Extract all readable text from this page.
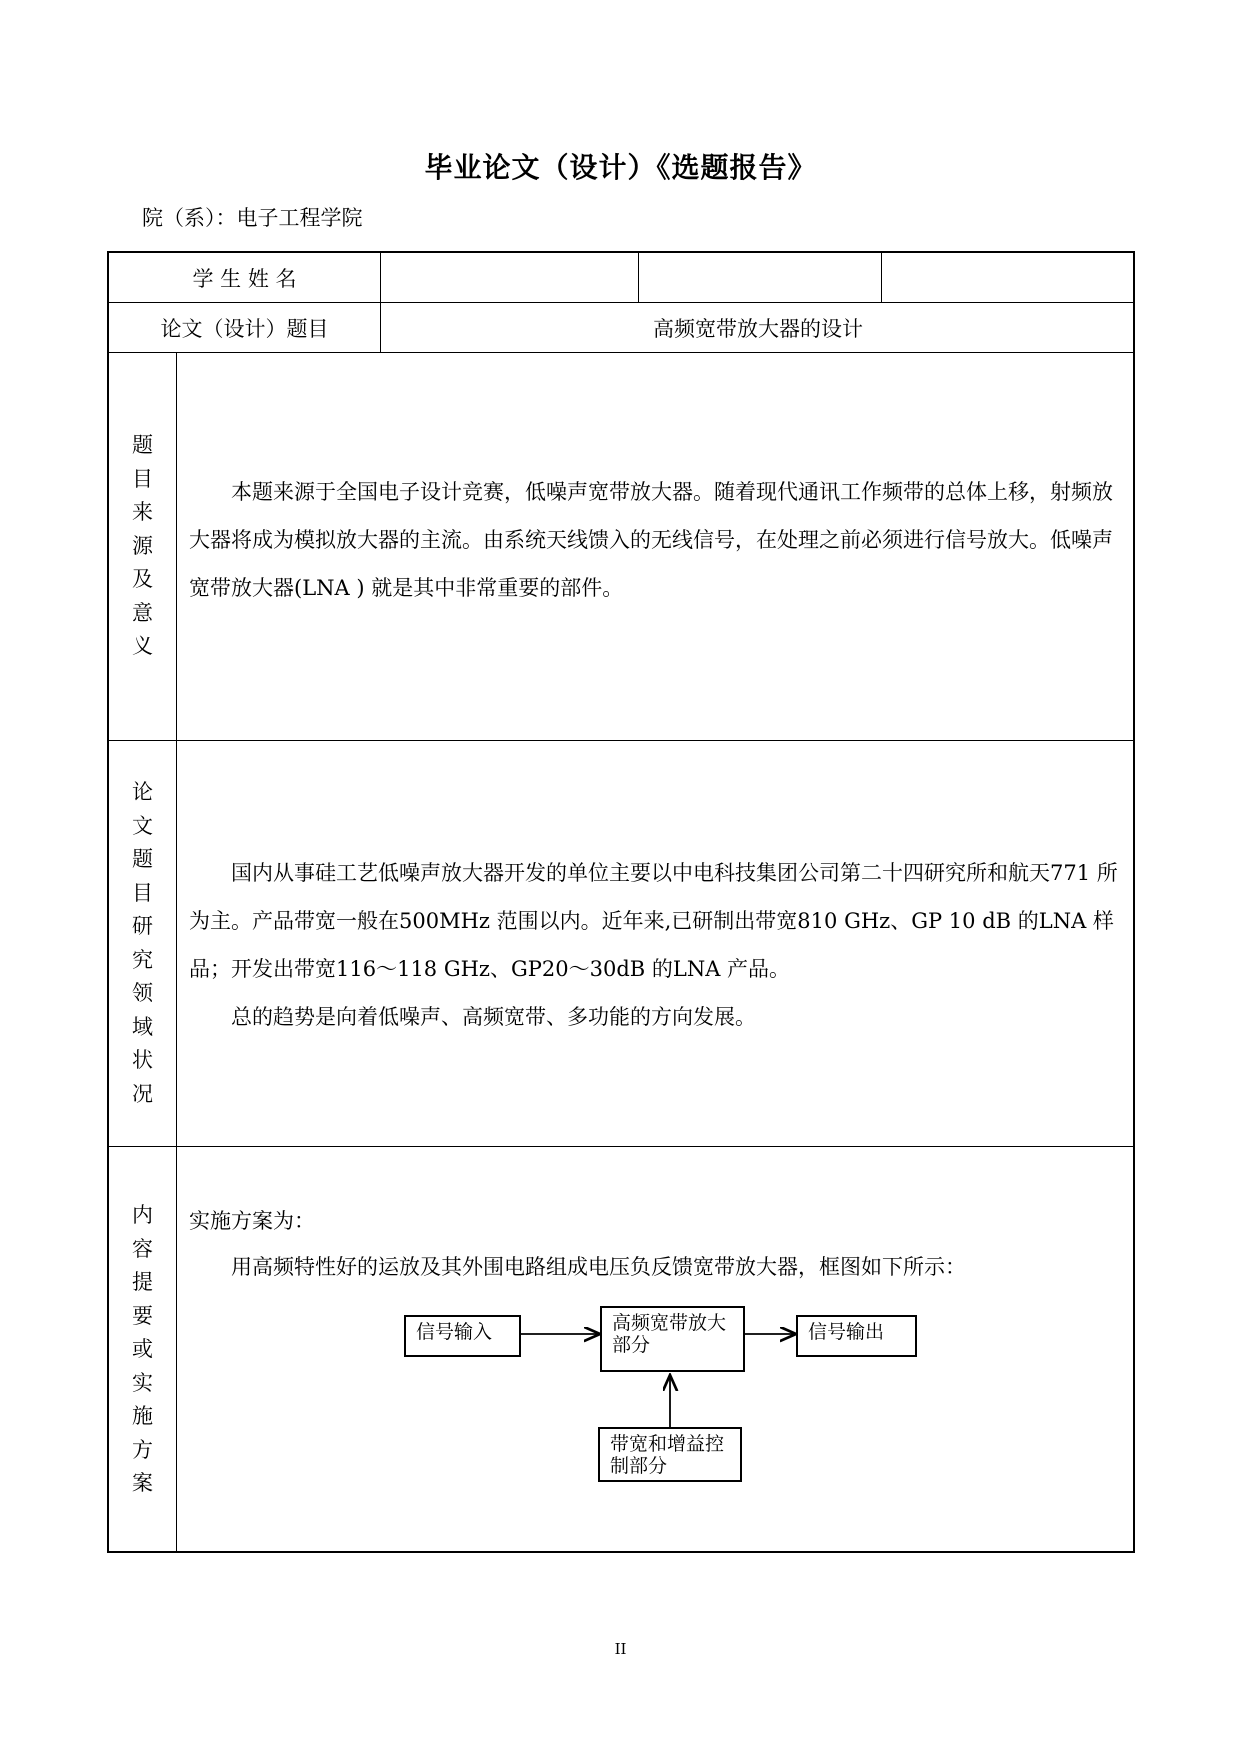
毕业论文（设计）《选题报告》
院（系）：电子工程学院
学 生 姓 名
论文（设计）题目	高频宽带放大器的设计
题
目
来
源
及
意
义

本题来源于全国电子设计竞赛，低噪声宽带放大器。随着现代通讯工作频带的总体上移，射频放大器将成为模拟放大器的主流。由系统天线馈入的无线信号，在处理之前必须进行信号放大。低噪声宽带放大器(LNA ) 就是其中非常重要的部件。

论
文
题
目
研
究
领
域
状
况

国内从事硅工艺低噪声放大器开发的单位主要以中电科技集团公司第二十四研究所和航天771 所为主。产品带宽一般在500MHz 范围以内。近年来,已研制出带宽810 GHz、GP 10 dB 的LNA 样品；开发出带宽116～118 GHz、GP20～30dB 的LNA 产品。

总的趋势是向着低噪声、高频宽带、多功能的方向发展。

内
容
提
要
或
实
施
方
案
实施方案为：

用高频特性好的运放及其外围电路组成电压负反馈宽带放大器，框图如下所示：

信号输入	高频宽带放大部分
信号输出
带宽和增益控制部分
II
